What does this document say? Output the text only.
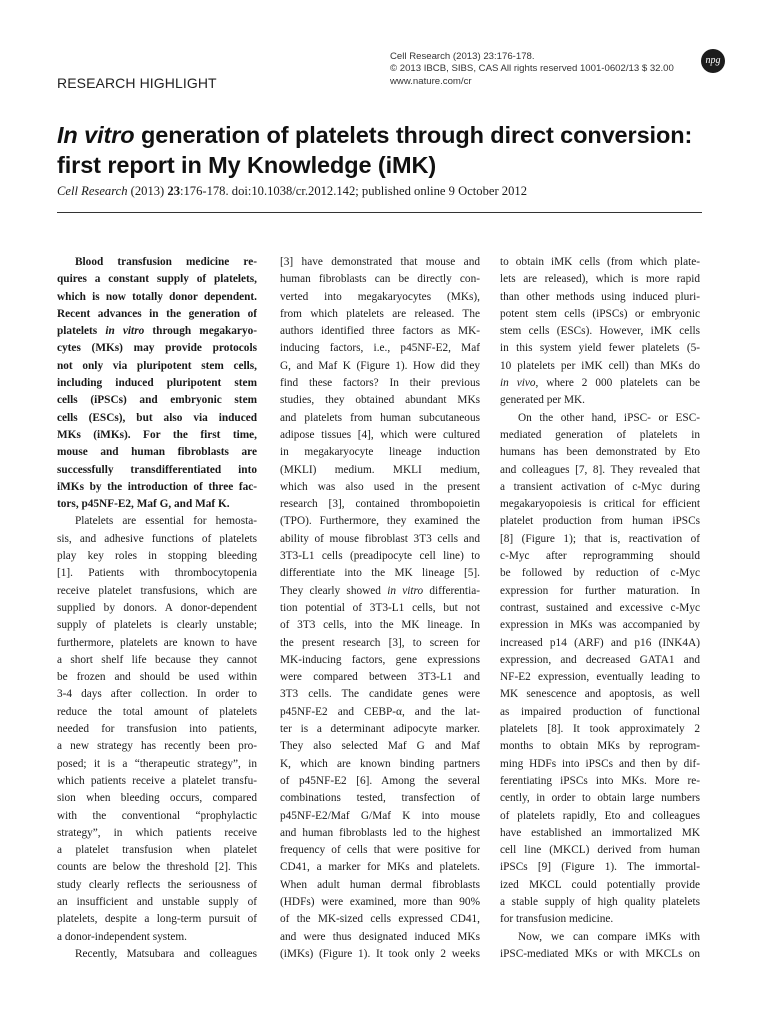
RESEARCH HIGHLIGHT
Cell Research (2013) 23:176-178.
© 2013 IBCB, SIBS, CAS All rights reserved 1001-0602/13 $ 32.00
www.nature.com/cr
npg
In vitro generation of platelets through direct conversion:
first report in My Knowledge (iMK)
Cell Research (2013) 23:176-178. doi:10.1038/cr.2012.142; published online 9 October 2012
Blood transfusion medicine re-
quires a constant supply of platelets,
which is now totally donor dependent.
Recent advances in the generation of
platelets in vitro through megakaryo-
cytes (MKs) may provide protocols
not only via pluripotent stem cells,
including induced pluripotent stem
cells (iPSCs) and embryonic stem
cells (ESCs), but also via induced
MKs (iMKs). For the first time,
mouse and human fibroblasts are
successfully transdifferentiated into
iMKs by the introduction of three fac-
tors, p45NF-E2, Maf G, and Maf K.
Platelets are essential for hemosta-
sis, and adhesive functions of platelets
play key roles in stopping bleeding
[1]. Patients with thrombocytopenia
receive platelet transfusions, which are
supplied by donors. A donor-dependent
supply of platelets is clearly unstable;
furthermore, platelets are known to have
a short shelf life because they cannot
be frozen and should be used within
3-4 days after collection. In order to
reduce the total amount of platelets
needed for transfusion into patients,
a new strategy has recently been pro-
posed; it is a “therapeutic strategy”, in
which patients receive a platelet transfu-
sion when bleeding occurs, compared
with the conventional “prophylactic
strategy”, in which patients receive
a platelet transfusion when platelet
counts are below the threshold [2]. This
study clearly reflects the seriousness of
an insufficient and unstable supply of
platelets, despite a long-term pursuit of
a donor-independent system.
Recently, Matsubara and colleagues
[3] have demonstrated that mouse and
human fibroblasts can be directly con-
verted into megakaryocytes (MKs),
from which platelets are released. The
authors identified three factors as MK-
inducing factors, i.e., p45NF-E2, Maf
G, and Maf K (Figure 1). How did they
find these factors? In their previous
studies, they obtained abundant MKs
and platelets from human subcutaneous
adipose tissues [4], which were cultured
in megakaryocyte lineage induction
(MKLI) medium. MKLI medium,
which was also used in the present
research [3], contained thrombopoietin
(TPO). Furthermore, they examined the
ability of mouse fibroblast 3T3 cells and
3T3-L1 cells (preadipocyte cell line) to
differentiate into the MK lineage [5].
They clearly showed in vitro differentia-
tion potential of 3T3-L1 cells, but not
of 3T3 cells, into the MK lineage. In
the present research [3], to screen for
MK-inducing factors, gene expressions
were compared between 3T3-L1 and
3T3 cells. The candidate genes were
p45NF-E2 and CEBP-α, and the lat-
ter is a determinant adipocyte marker.
They also selected Maf G and Maf
K, which are known binding partners
of p45NF-E2 [6]. Among the several
combinations tested, transfection of
p45NF-E2/Maf G/Maf K into mouse
and human fibroblasts led to the highest
frequency of cells that were positive for
CD41, a marker for MKs and platelets.
When adult human dermal fibroblasts
(HDFs) were examined, more than 90%
of the MK-sized cells expressed CD41,
and were thus designated induced MKs
(iMKs) (Figure 1). It took only 2 weeks
to obtain iMK cells (from which plate-
lets are released), which is more rapid
than other methods using induced pluri-
potent stem cells (iPSCs) or embryonic
stem cells (ESCs). However, iMK cells
in this system yield fewer platelets (5-
10 platelets per iMK cell) than MKs do
in vivo, where 2 000 platelets can be
generated per MK.
On the other hand, iPSC- or ESC-
mediated generation of platelets in
humans has been demonstrated by Eto
and colleagues [7, 8]. They revealed that
a transient activation of c-Myc during
megakaryopoiesis is critical for efficient
platelet production from human iPSCs
[8] (Figure 1); that is, reactivation of
c-Myc after reprogramming should
be followed by reduction of c-Myc
expression for further maturation. In
contrast, sustained and excessive c-Myc
expression in MKs was accompanied by
increased p14 (ARF) and p16 (INK4A)
expression, and decreased GATA1 and
NF-E2 expression, eventually leading to
MK senescence and apoptosis, as well
as impaired production of functional
platelets [8]. It took approximately 2
months to obtain MKs by reprogram-
ming HDFs into iPSCs and then by dif-
ferentiating iPSCs into MKs. More re-
cently, in order to obtain large numbers
of platelets rapidly, Eto and colleagues
have established an immortalized MK
cell line (MKCL) derived from human
iPSCs [9] (Figure 1). The immortal-
ized MKCL could potentially provide
a stable supply of high quality platelets
for transfusion medicine.
Now, we can compare iMKs with
iPSC-mediated MKs or with MKCLs on
